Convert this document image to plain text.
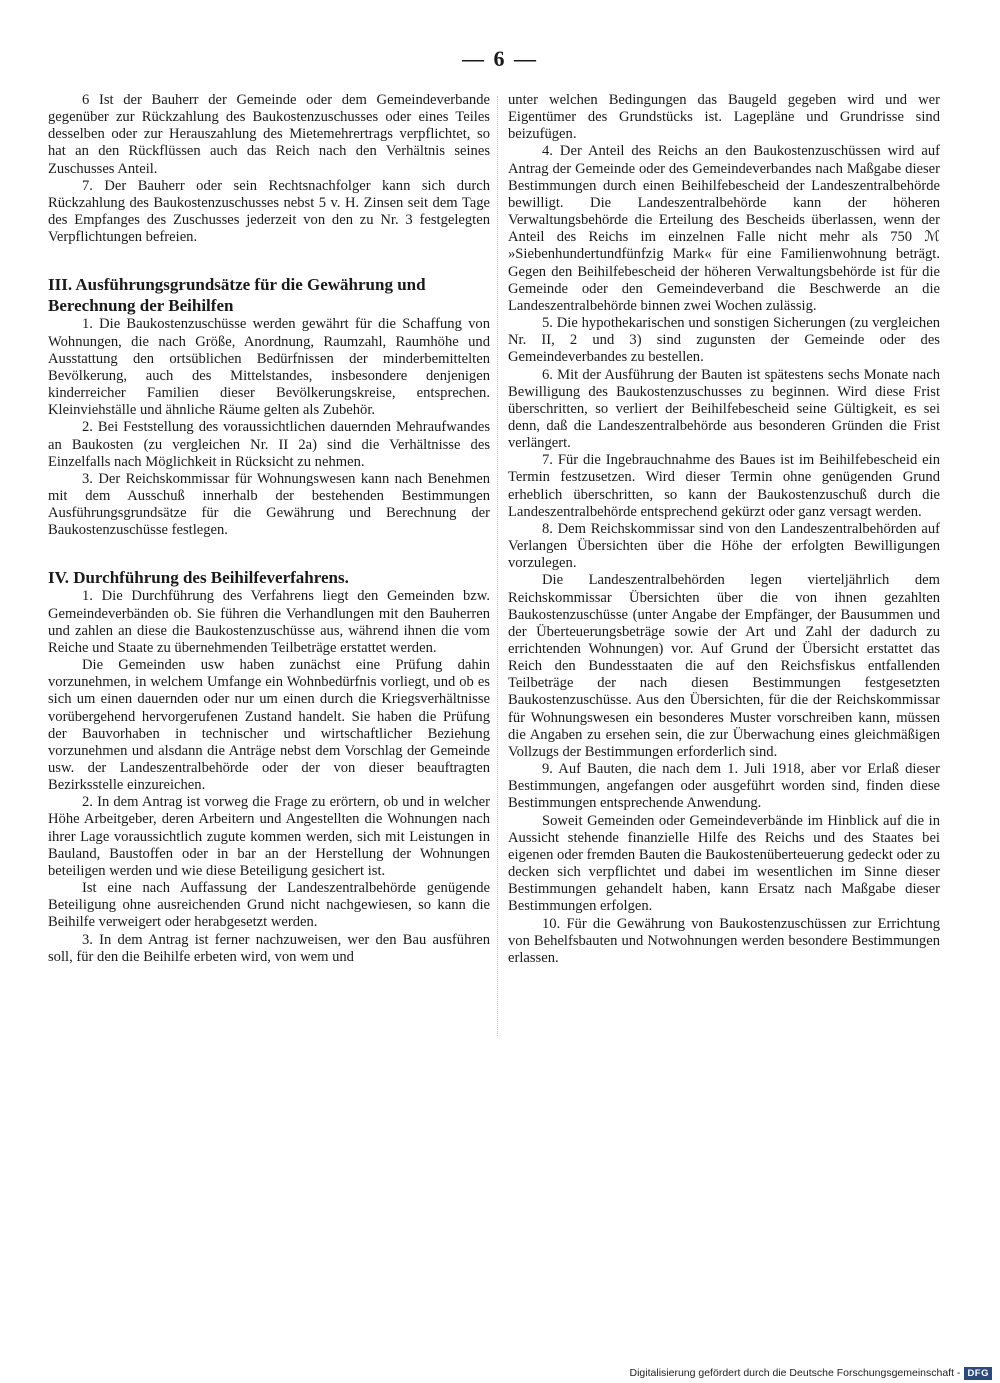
— 6 —

6 Ist der Bauherr der Gemeinde oder dem Gemeindeverbande gegenüber zur Rückzahlung des Baukostenzuschusses oder eines Teiles desselben oder zur Herauszahlung des Mietemehrertrags verpflichtet, so hat an den Rückflüssen auch das Reich nach den Verhältnis seines Zuschusses Anteil.

7. Der Bauherr oder sein Rechtsnachfolger kann sich durch Rückzahlung des Baukostenzuschusses nebst 5 v. H. Zinsen seit dem Tage des Empfanges des Zuschusses jederzeit von den zu Nr. 3 festgelegten Verpflichtungen befreien.

III. Ausführungsgrundsätze für die Gewährung und Berechnung der Beihilfen

1. Die Baukostenzuschüsse werden gewährt für die Schaffung von Wohnungen, die nach Größe, Anordnung, Raumzahl, Raumhöhe und Ausstattung den ortsüblichen Bedürfnissen der minderbemittelten Bevölkerung, auch des Mittelstandes, insbesondere denjenigen kinderreicher Familien dieser Bevölkerungskreise, entsprechen. Kleinviehställe und ähnliche Räume gelten als Zubehör.

2. Bei Feststellung des voraussichtlichen dauernden Mehraufwandes an Baukosten (zu vergleichen Nr. II 2a) sind die Verhältnisse des Einzelfalls nach Möglichkeit in Rücksicht zu nehmen.

3. Der Reichskommissar für Wohnungswesen kann nach Benehmen mit dem Ausschuß innerhalb der bestehenden Bestimmungen Ausführungsgrundsätze für die Gewährung und Berechnung der Baukostenzuschüsse festlegen.

IV. Durchführung des Beihilfeverfahrens.

1. Die Durchführung des Verfahrens liegt den Gemeinden bzw. Gemeindeverbänden ob. Sie führen die Verhandlungen mit den Bauherren und zahlen an diese die Baukostenzuschüsse aus, während ihnen die vom Reiche und Staate zu übernehmenden Teilbeträge erstattet werden.

Die Gemeinden usw haben zunächst eine Prüfung dahin vorzunehmen, in welchem Umfange ein Wohnbedürfnis vorliegt, und ob es sich um einen dauernden oder nur um einen durch die Kriegsverhältnisse vorübergehend hervorgerufenen Zustand handelt. Sie haben die Prüfung der Bauvorhaben in technischer und wirtschaftlicher Beziehung vorzunehmen und alsdann die Anträge nebst dem Vorschlag der Gemeinde usw. der Landeszentralbehörde oder der von dieser beauftragten Bezirksstelle einzureichen.

2. In dem Antrag ist vorweg die Frage zu erörtern, ob und in welcher Höhe Arbeitgeber, deren Arbeitern und Angestellten die Wohnungen nach ihrer Lage voraussichtlich zugute kommen werden, sich mit Leistungen in Bauland, Baustoffen oder in bar an der Herstellung der Wohnungen beteiligen werden und wie diese Beteiligung gesichert ist.

Ist eine nach Auffassung der Landeszentralbehörde genügende Beteiligung ohne ausreichenden Grund nicht nachgewiesen, so kann die Beihilfe verweigert oder herabgesetzt werden.

3. In dem Antrag ist ferner nachzuweisen, wer den Bau ausführen soll, für den die Beihilfe erbeten wird, von wem und

unter welchen Bedingungen das Baugeld gegeben wird und wer Eigentümer des Grundstücks ist. Lagepläne und Grundrisse sind beizufügen.

4. Der Anteil des Reichs an den Baukostenzuschüssen wird auf Antrag der Gemeinde oder des Gemeindeverbandes nach Maßgabe dieser Bestimmungen durch einen Beihilfebescheid der Landeszentralbehörde bewilligt. Die Landeszentralbehörde kann der höheren Verwaltungsbehörde die Erteilung des Bescheids überlassen, wenn der Anteil des Reichs im einzelnen Falle nicht mehr als 750 ℳ »Siebenhundertundfünfzig Mark« für eine Familienwohnung beträgt. Gegen den Beihilfebescheid der höheren Verwaltungsbehörde ist für die Gemeinde oder den Gemeindeverband die Beschwerde an die Landeszentralbehörde binnen zwei Wochen zulässig.

5. Die hypothekarischen und sonstigen Sicherungen (zu vergleichen Nr. II, 2 und 3) sind zugunsten der Gemeinde oder des Gemeindeverbandes zu bestellen.

6. Mit der Ausführung der Bauten ist spätestens sechs Monate nach Bewilligung des Baukostenzuschusses zu beginnen. Wird diese Frist überschritten, so verliert der Beihilfebescheid seine Gültigkeit, es sei denn, daß die Landeszentralbehörde aus besonderen Gründen die Frist verlängert.

7. Für die Ingebrauchnahme des Baues ist im Beihilfebescheid ein Termin festzusetzen. Wird dieser Termin ohne genügenden Grund erheblich überschritten, so kann der Baukostenzuschuß durch die Landeszentralbehörde entsprechend gekürzt oder ganz versagt werden.

8. Dem Reichskommissar sind von den Landeszentralbehörden auf Verlangen Übersichten über die Höhe der erfolgten Bewilligungen vorzulegen.

Die Landeszentralbehörden legen vierteljährlich dem Reichskommissar Übersichten über die von ihnen gezahlten Baukostenzuschüsse (unter Angabe der Empfänger, der Bausummen und der Überteuerungsbeträge sowie der Art und Zahl der dadurch zu errichtenden Wohnungen) vor. Auf Grund der Übersicht erstattet das Reich den Bundesstaaten die auf den Reichsfiskus entfallenden Teilbeträge der nach diesen Bestimmungen festgesetzten Baukostenzuschüsse. Aus den Übersichten, für die der Reichskommissar für Wohnungswesen ein besonderes Muster vorschreiben kann, müssen die Angaben zu ersehen sein, die zur Überwachung eines gleichmäßigen Vollzugs der Bestimmungen erforderlich sind.

9. Auf Bauten, die nach dem 1. Juli 1918, aber vor Erlaß dieser Bestimmungen, angefangen oder ausgeführt worden sind, finden diese Bestimmungen entsprechende Anwendung.

Soweit Gemeinden oder Gemeindeverbände im Hinblick auf die in Aussicht stehende finanzielle Hilfe des Reichs und des Staates bei eigenen oder fremden Bauten die Baukostenüberteuerung gedeckt oder zu decken sich verpflichtet und dabei im wesentlichen im Sinne dieser Bestimmungen gehandelt haben, kann Ersatz nach Maßgabe dieser Bestimmungen erfolgen.

10. Für die Gewährung von Baukostenzuschüssen zur Errichtung von Behelfsbauten und Notwohnungen werden besondere Bestimmungen erlassen.

Digitalisierung gefördert durch die Deutsche Forschungsgemeinschaft - DFG
